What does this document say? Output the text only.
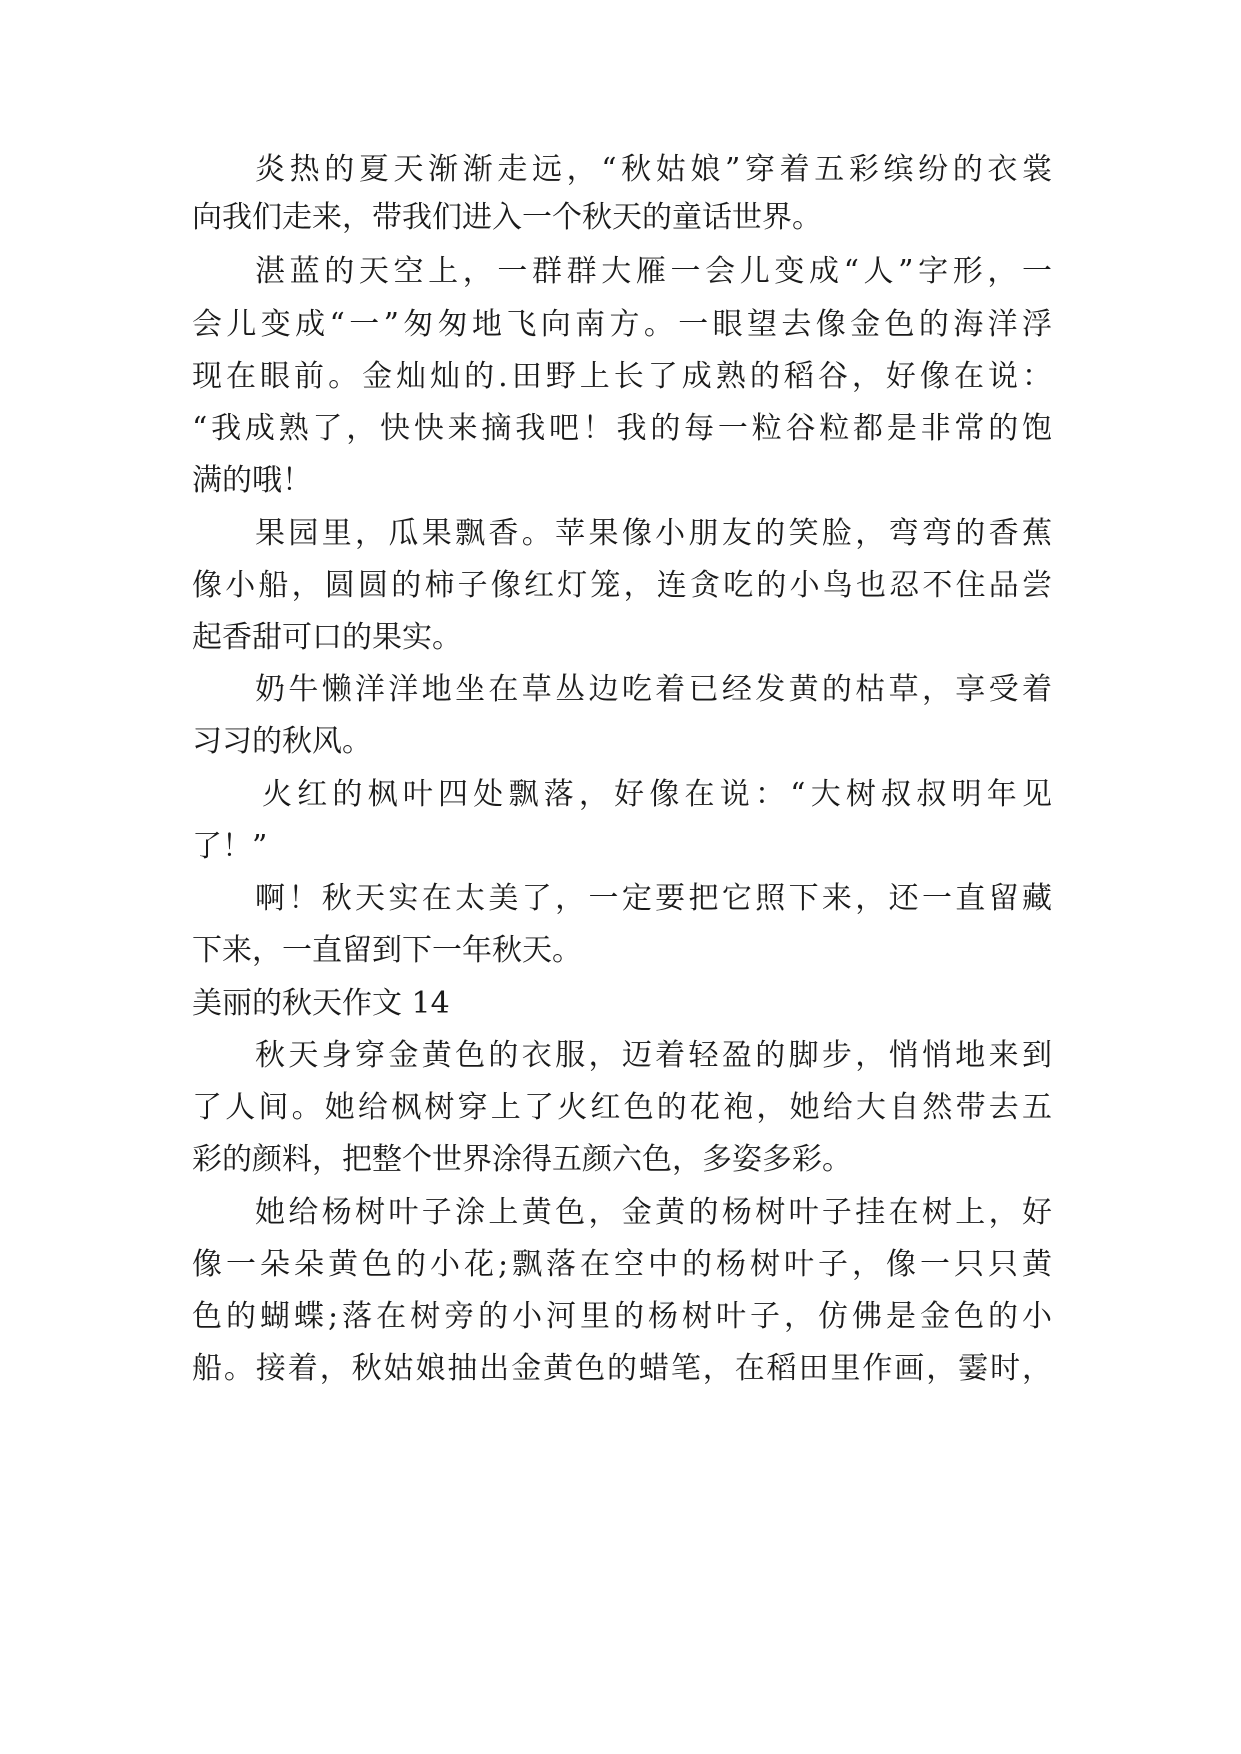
炎热的夏天渐渐走远，“秋姑娘”穿着五彩缤纷的衣裳
向我们走来，带我们进入一个秋天的童话世界。
湛蓝的天空上，一群群大雁一会儿变成“人”字形，一
会儿变成“一”匆匆地飞向南方。一眼望去像金色的海洋浮
现在眼前。金灿灿的.田野上长了成熟的稻谷，好像在说：
“我成熟了，快快来摘我吧！我的每一粒谷粒都是非常的饱
满的哦！
果园里，瓜果飘香。苹果像小朋友的笑脸，弯弯的香蕉
像小船，圆圆的柿子像红灯笼，连贪吃的小鸟也忍不住品尝
起香甜可口的果实。
奶牛懒洋洋地坐在草丛边吃着已经发黄的枯草，享受着
习习的秋风。
火红的枫叶四处飘落，好像在说：“大树叔叔明年见
了！”
啊！秋天实在太美了，一定要把它照下来，还一直留藏
下来，一直留到下一年秋天。
美丽的秋天作文 14
秋天身穿金黄色的衣服，迈着轻盈的脚步，悄悄地来到
了人间。她给枫树穿上了火红色的花袍，她给大自然带去五
彩的颜料，把整个世界涂得五颜六色，多姿多彩。
她给杨树叶子涂上黄色，金黄的杨树叶子挂在树上，好
像一朵朵黄色的小花;飘落在空中的杨树叶子，像一只只黄
色的蝴蝶;落在树旁的小河里的杨树叶子，仿佛是金色的小
船。接着，秋姑娘抽出金黄色的蜡笔，在稻田里作画，霎时，
